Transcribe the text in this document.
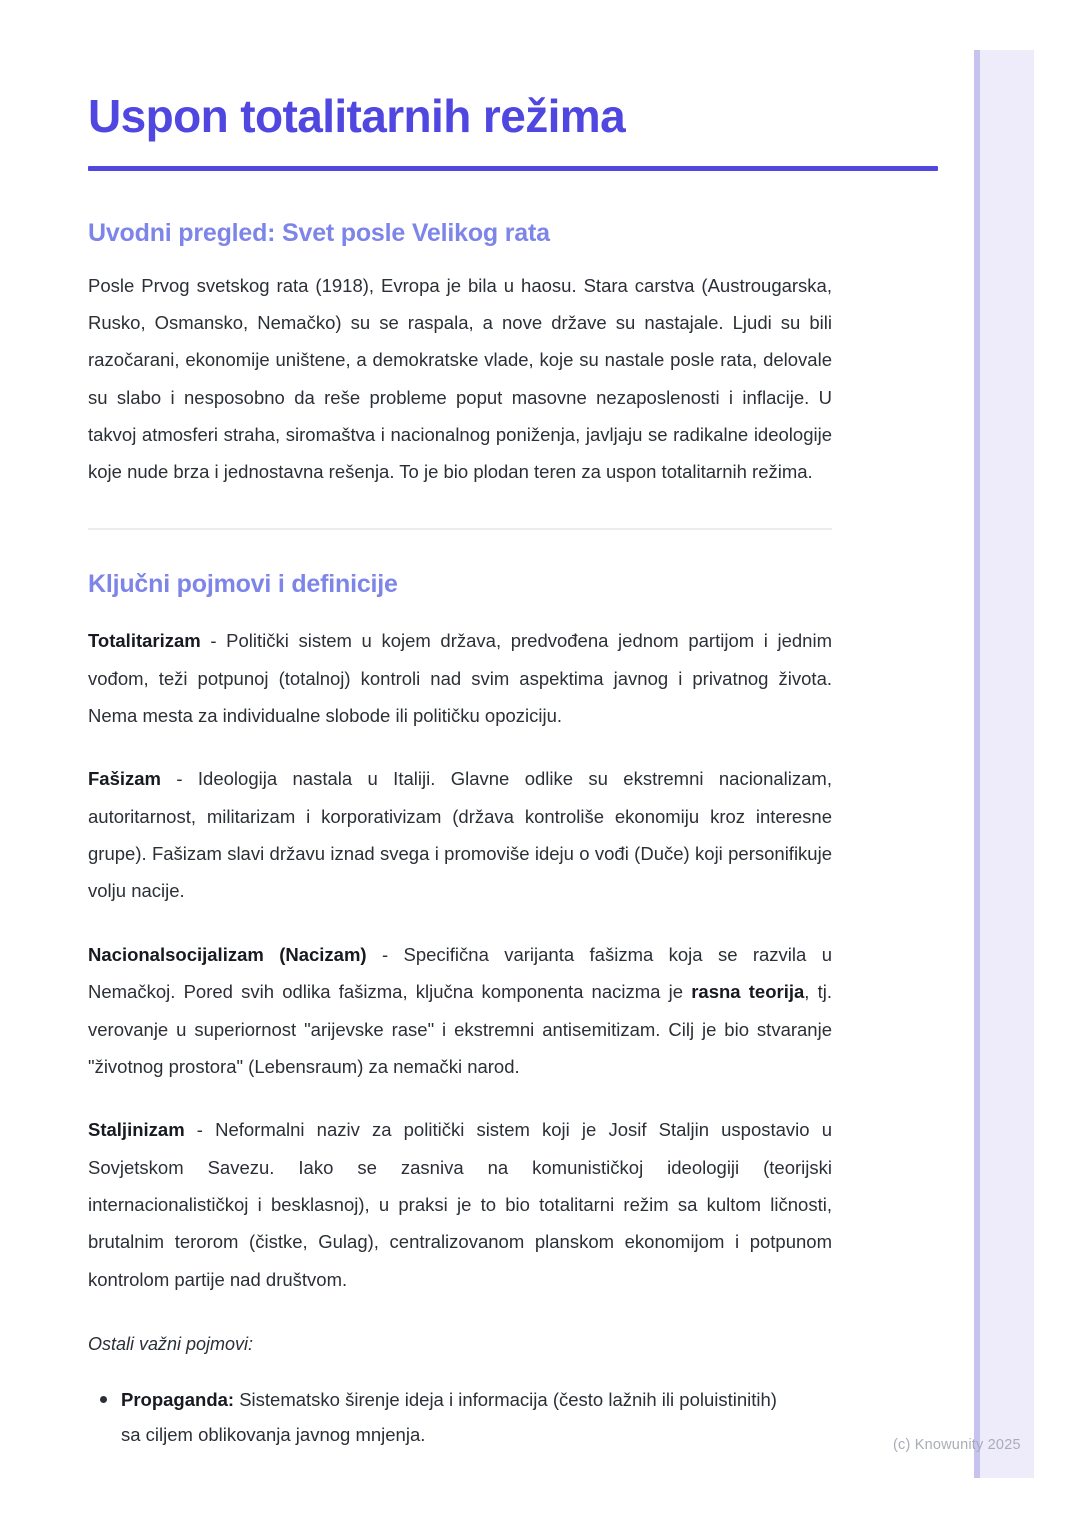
Uspon totalitarnih režima
Uvodni pregled: Svet posle Velikog rata

Posle Prvog svetskog rata (1918), Evropa je bila u haosu. Stara carstva (Austrougarska, Rusko, Osmansko, Nemačko) su se raspala, a nove države su nastajale. Ljudi su bili razočarani, ekonomije uništene, a demokratske vlade, koje su nastale posle rata, delovale su slabo i nesposobno da reše probleme poput masovne nezaposlenosti i inflacije. U takvoj atmosferi straha, siromaštva i nacionalnog poniženja, javljaju se radikalne ideologije koje nude brza i jednostavna rešenja. To je bio plodan teren za uspon totalitarnih režima.

Ključni pojmovi i definicije

Totalitarizam - Politički sistem u kojem država, predvođena jednom partijom i jednim vođom, teži potpunoj (totalnoj) kontroli nad svim aspektima javnog i privatnog života. Nema mesta za individualne slobode ili političku opoziciju.

Fašizam - Ideologija nastala u Italiji. Glavne odlike su ekstremni nacionalizam, autoritarnost, militarizam i korporativizam (država kontroliše ekonomiju kroz interesne grupe). Fašizam slavi državu iznad svega i promoviše ideju o vođi (Duče) koji personifikuje volju nacije.

Nacionalsocijalizam (Nacizam) - Specifična varijanta fašizma koja se razvila u Nemačkoj. Pored svih odlika fašizma, ključna komponenta nacizma je rasna teorija, tj. verovanje u superiornost "arijevske rase" i ekstremni antisemitizam. Cilj je bio stvaranje "životnog prostora" (Lebensraum) za nemački narod.

Staljinizam - Neformalni naziv za politički sistem koji je Josif Staljin uspostavio u Sovjetskom Savezu. Iako se zasniva na komunističkoj ideologiji (teorijski internacionalističkoj i besklasnoj), u praksi je to bio totalitarni režim sa kultom ličnosti, brutalnim terorom (čistke, Gulag), centralizovanom planskom ekonomijom i potpunom kontrolom partije nad društvom.

Ostali važni pojmovi:

Propaganda: Sistematsko širenje ideja i informacija (često lažnih ili poluistinitih) sa ciljem oblikovanja javnog mnjenja.	(c) Knowunity 2025
